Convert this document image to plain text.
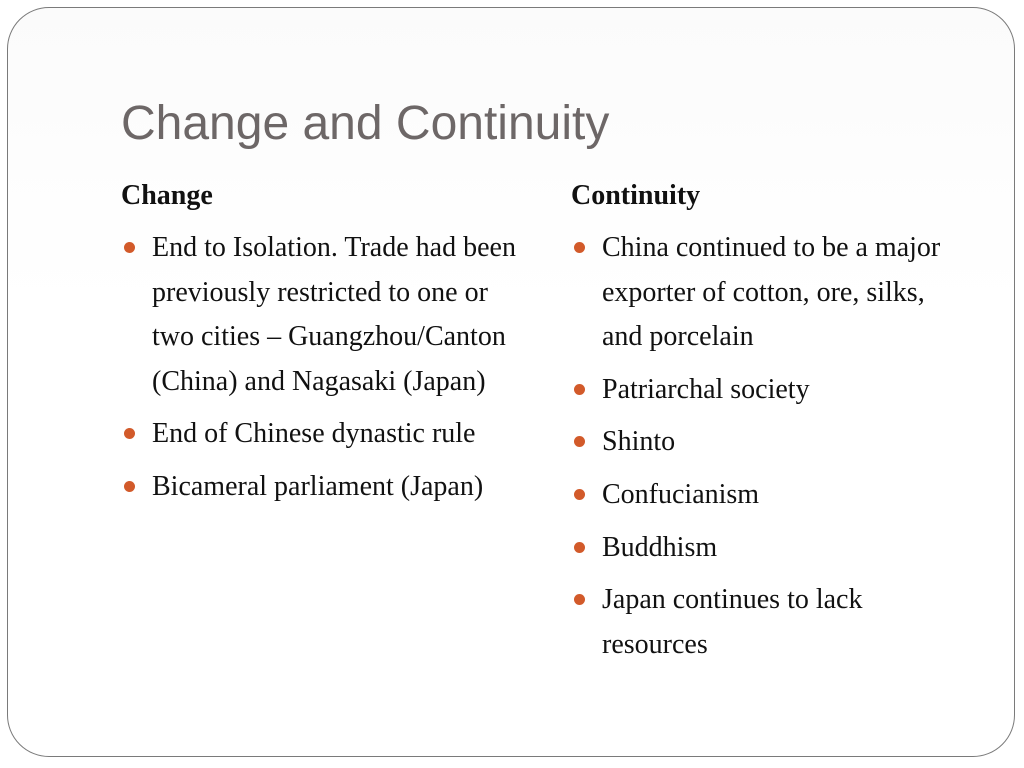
Change and Continuity
Change
End to Isolation. Trade had been previously restricted to one or two cities – Guangzhou/Canton (China) and Nagasaki (Japan)
End of Chinese dynastic rule
Bicameral parliament (Japan)
Continuity
China continued to be a major exporter of cotton, ore, silks, and porcelain
Patriarchal society
Shinto
Confucianism
Buddhism
Japan continues to lack resources
